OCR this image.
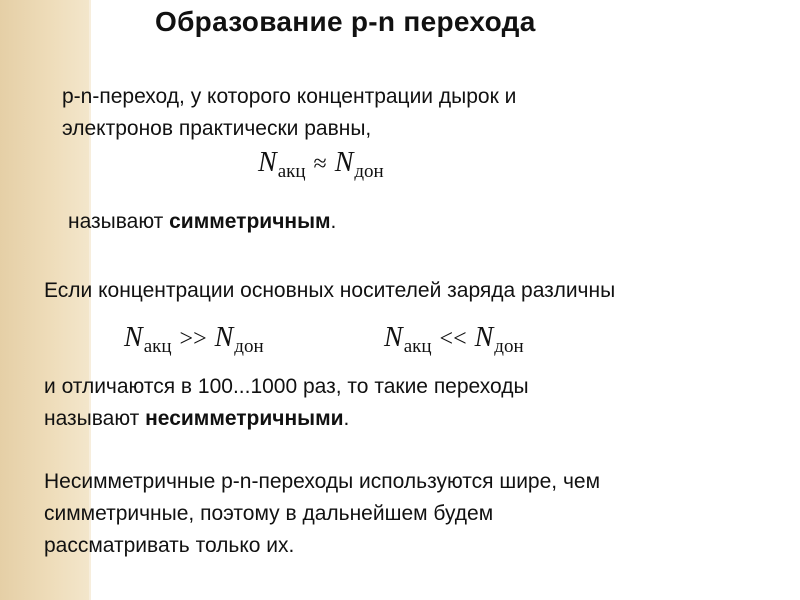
Образование p-n перехода
p-n-переход, у которого концентрации дырок и
электронов практически равны,
$N_{акц} \approx N_{дон}$
называют симметричным.
Если концентрации основных носителей заряда различны
$N_{акц} >> N_{дон}$	$N_{акц} << N_{дон}$
и отличаются в 100...1000 раз, то такие переходы
называют несимметричными.
Несимметричные p-n-переходы используются шире, чем
симметричные, поэтому в дальнейшем будем
рассматривать только их.
